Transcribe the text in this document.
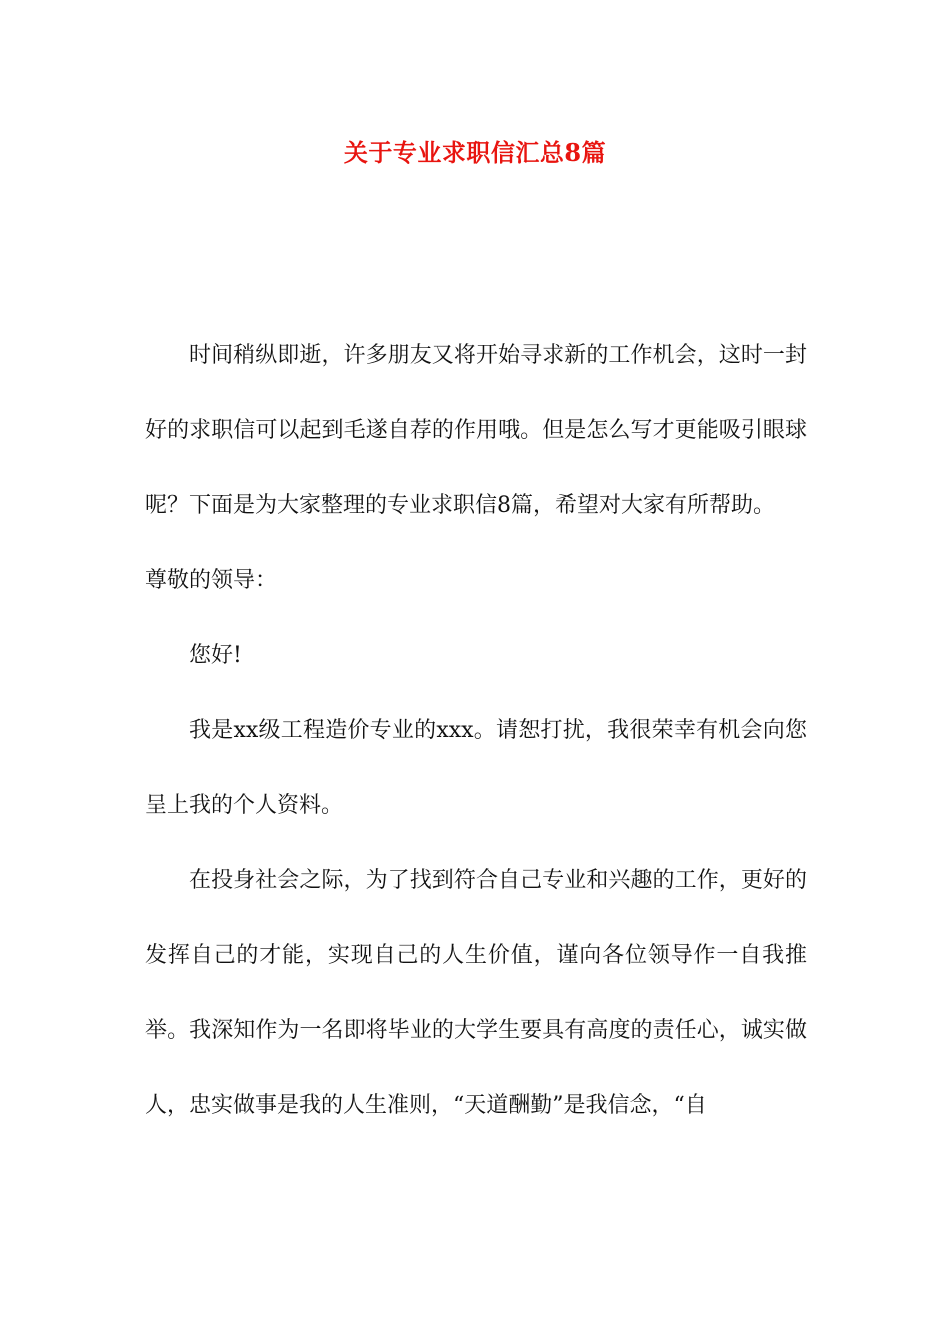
关于专业求职信汇总8篇

时间稍纵即逝，许多朋友又将开始寻求新的工作机会，这时一封好的求职信可以起到毛遂自荐的作用哦。但是怎么写才更能吸引眼球呢？下面是为大家整理的专业求职信8篇，希望对大家有所帮助。

尊敬的领导：

您好!

我是xx级工程造价专业的xxx。请恕打扰，我很荣幸有机会向您呈上我的个人资料。

在投身社会之际，为了找到符合自己专业和兴趣的工作，更好的发挥自己的才能，实现自己的人生价值，谨向各位领导作一自我推举。我深知作为一名即将毕业的大学生要具有高度的责任心，诚实做人，忠实做事是我的人生准则，“天道酬勤”是我信念，“自
